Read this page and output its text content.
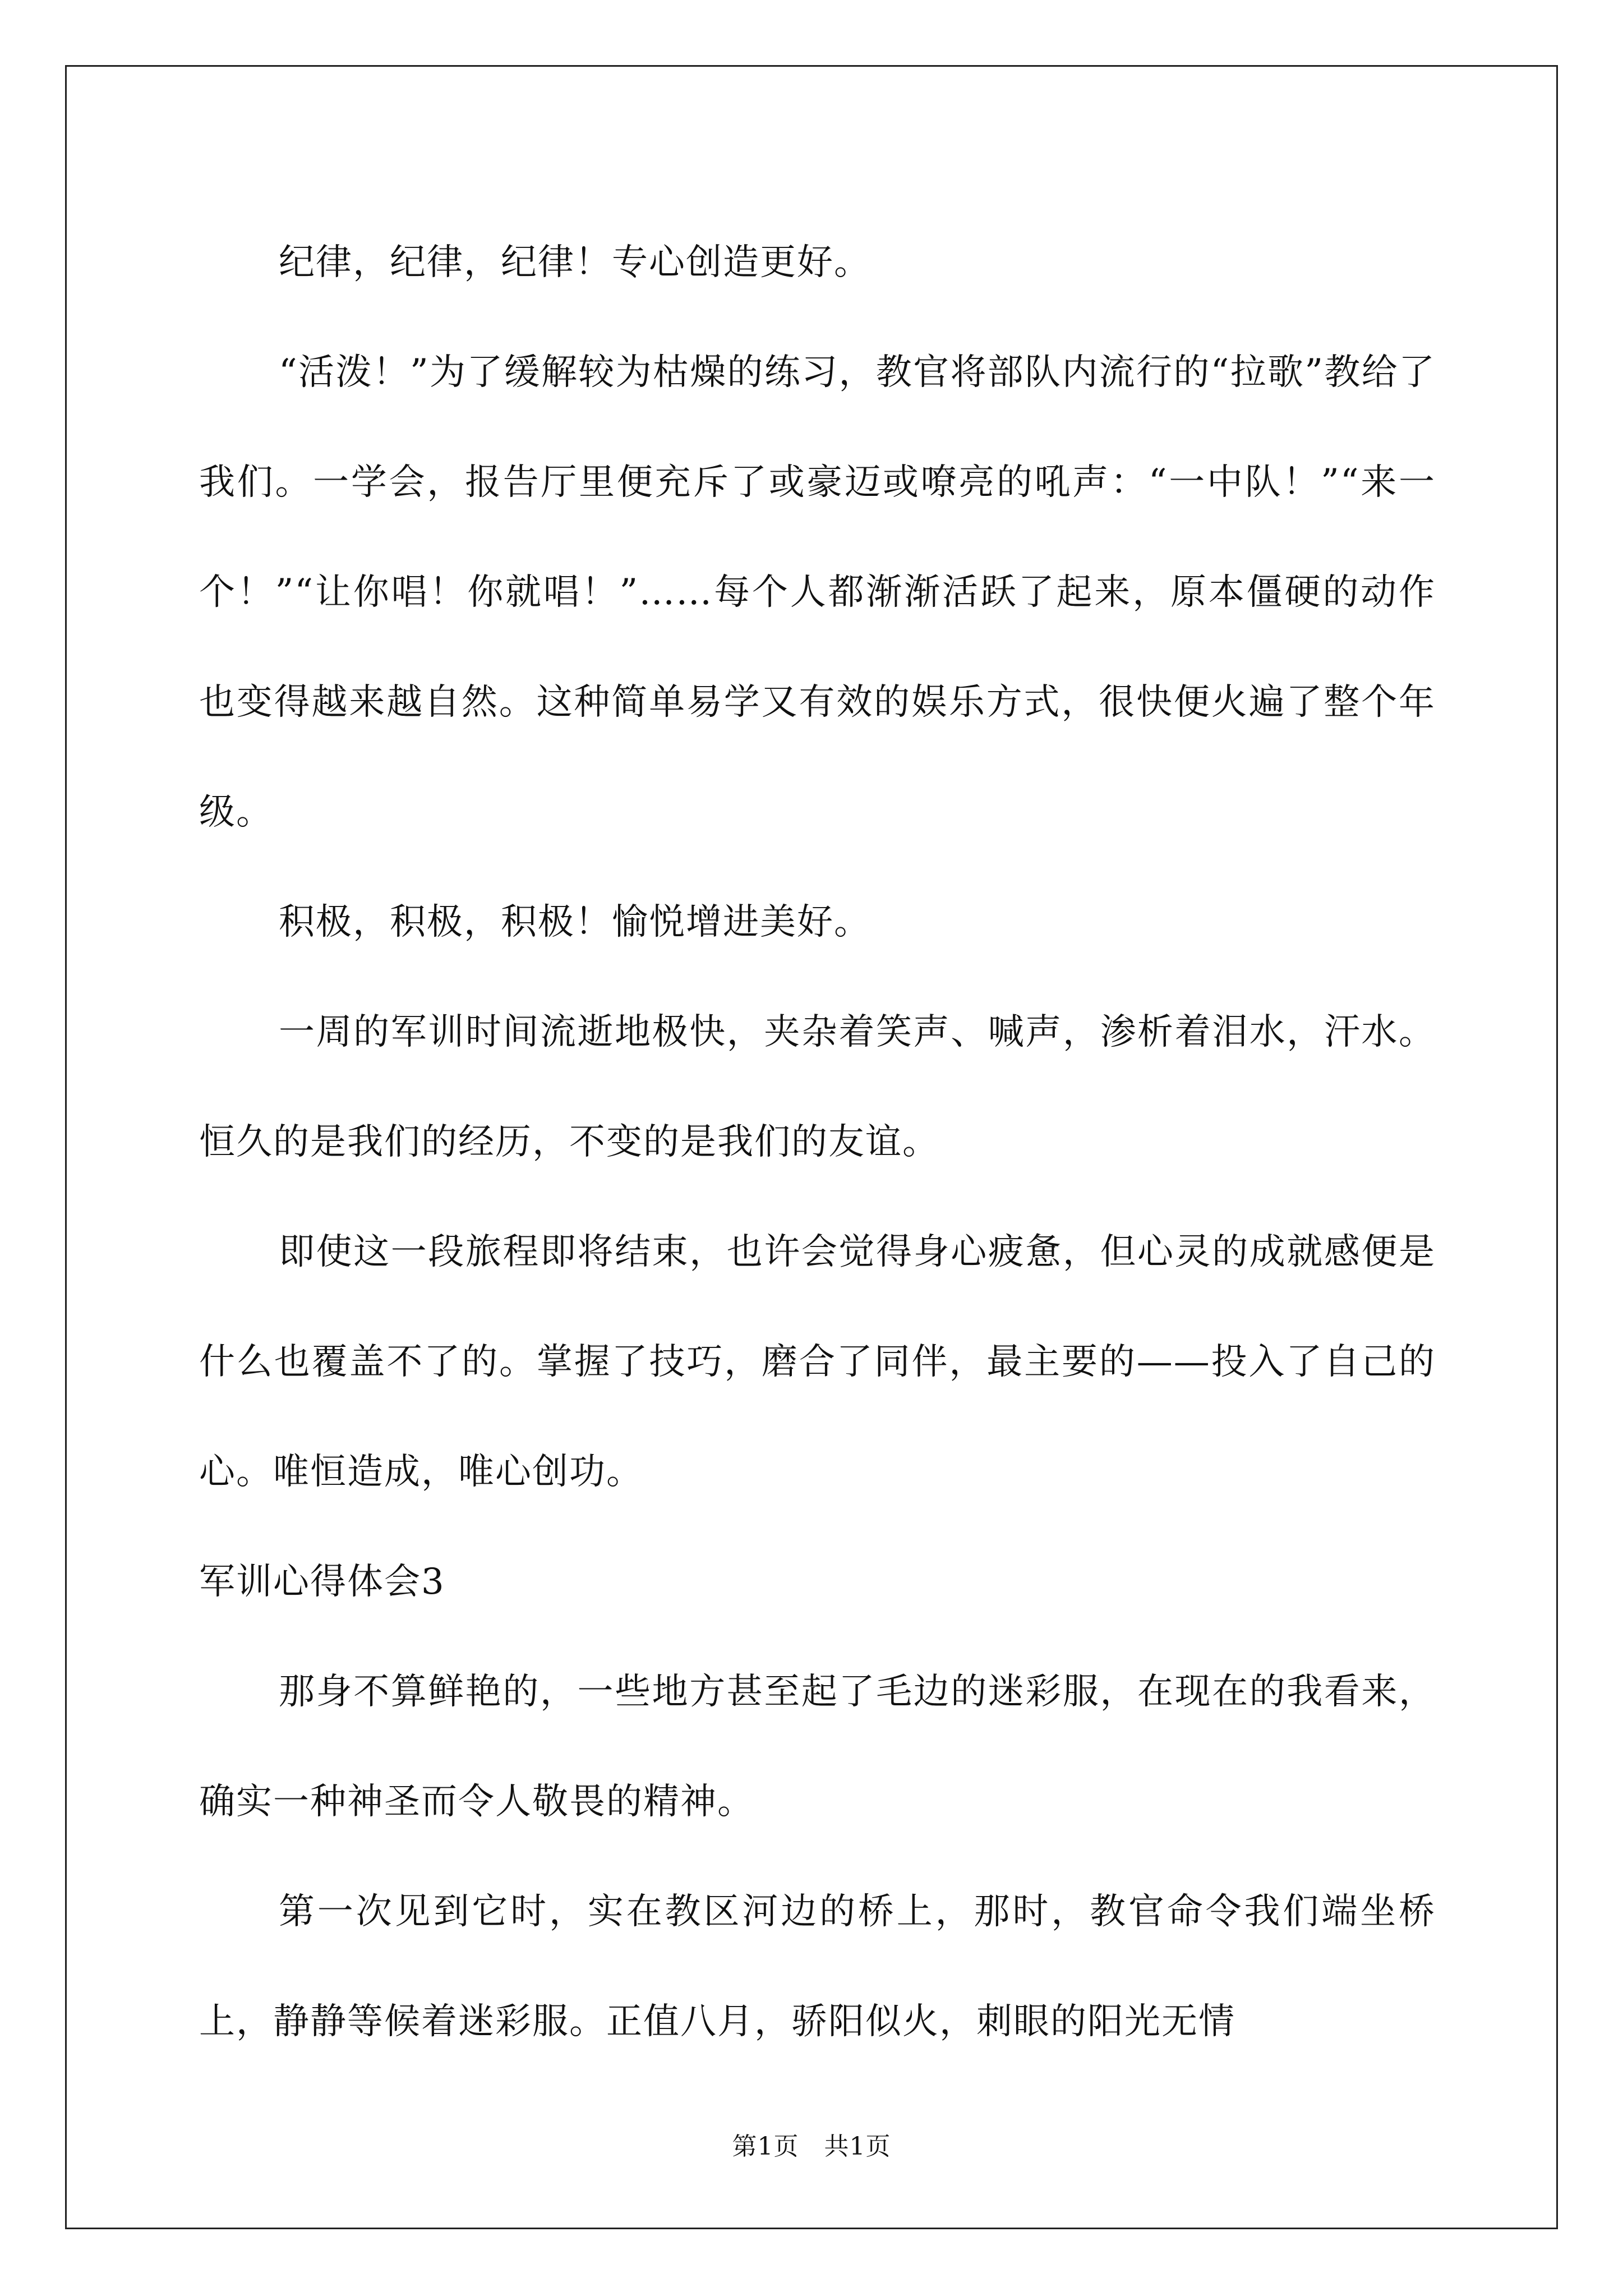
纪律，纪律，纪律！专心创造更好。

“活泼！”为了缓解较为枯燥的练习，教官将部队内流行的“拉歌”教给了我们。一学会，报告厅里便充斥了或豪迈或嘹亮的吼声：“一中队！”“来一个！”“让你唱！你就唱！”……每个人都渐渐活跃了起来，原本僵硬的动作也变得越来越自然。这种简单易学又有效的娱乐方式，很快便火遍了整个年级。

积极，积极，积极！愉悦增进美好。

一周的军训时间流逝地极快，夹杂着笑声、喊声，渗析着泪水，汗水。恒久的是我们的经历，不变的是我们的友谊。

即使这一段旅程即将结束，也许会觉得身心疲惫，但心灵的成就感便是什么也覆盖不了的。掌握了技巧，磨合了同伴，最主要的——投入了自己的心。唯恒造成，唯心创功。

军训心得体会3

那身不算鲜艳的，一些地方甚至起了毛边的迷彩服，在现在的我看来，确实一种神圣而令人敬畏的精神。

第一次见到它时，实在教区河边的桥上，那时，教官命令我们端坐桥上，静静等候着迷彩服。正值八月，骄阳似火，刺眼的阳光无情

第1页　共1页
